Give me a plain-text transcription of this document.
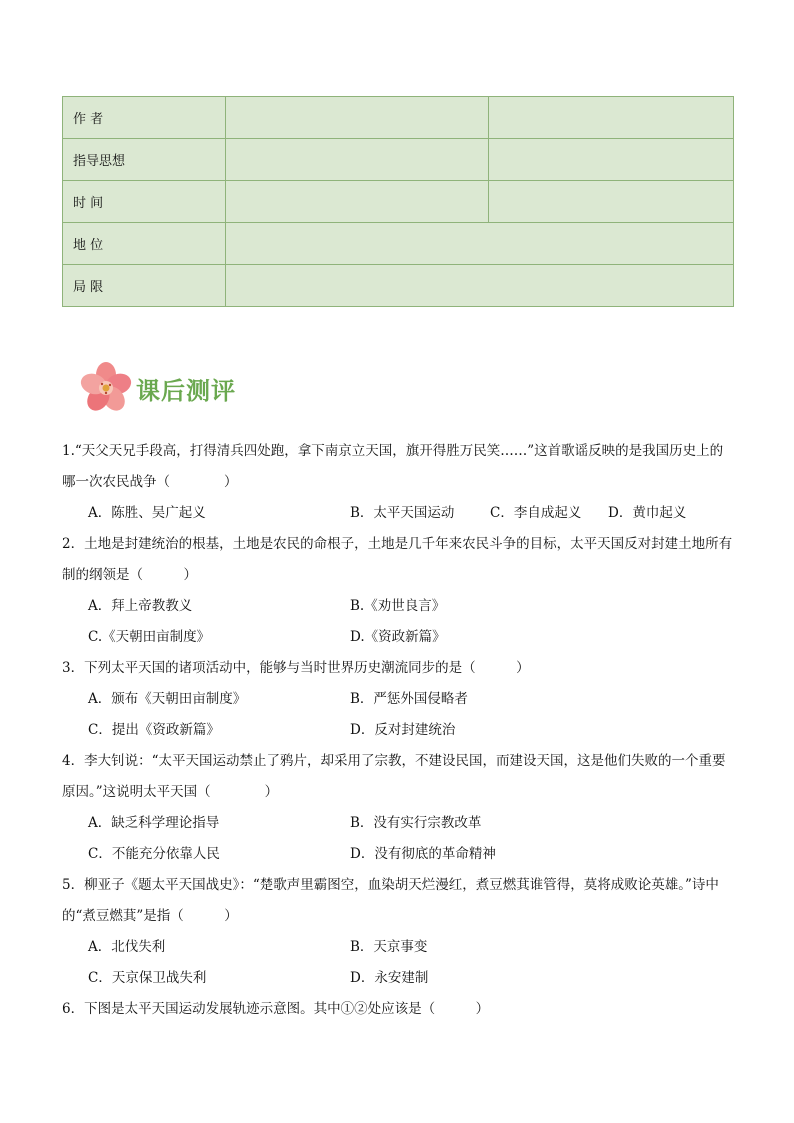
作 者		
指导思想		
时 间		
地 位		
局 限		
课后测评
1.“天父天兄手段高，打得清兵四处跑，拿下南京立天国，旗开得胜万民笑……”这首歌谣反映的是我国历史上的哪一次农民战争（　　　　）
A．陈胜、吴广起义	B．太平天国运动	C．李自成起义	D．黄巾起义
2．土地是封建统治的根基，土地是农民的命根子，土地是几千年来农民斗争的目标，太平天国反对封建土地所有制的纲领是（　　　）
A．拜上帝教教义	B.《劝世良言》
C.《天朝田亩制度》	D.《资政新篇》
3．下列太平天国的诸项活动中，能够与当时世界历史潮流同步的是（　　　）
A．颁布《天朝田亩制度》	B．严惩外国侵略者
C．提出《资政新篇》	D．反对封建统治
4．李大钊说：“太平天国运动禁止了鸦片，却采用了宗教，不建设民国，而建设天国，这是他们失败的一个重要原因。”这说明太平天国（　　　　）
A．缺乏科学理论指导	B．没有实行宗教改革
C．不能充分依靠人民	D．没有彻底的革命精神
5．柳亚子《题太平天国战史》：“楚歌声里霸图空，血染胡天烂漫红，煮豆燃萁谁管得，莫将成败论英雄。”诗中的“煮豆燃萁”是指（　　　）
A．北伐失利	B．天京事变
C．天京保卫战失利	D．永安建制
6．下图是太平天国运动发展轨迹示意图。其中①②处应该是（　　　）
